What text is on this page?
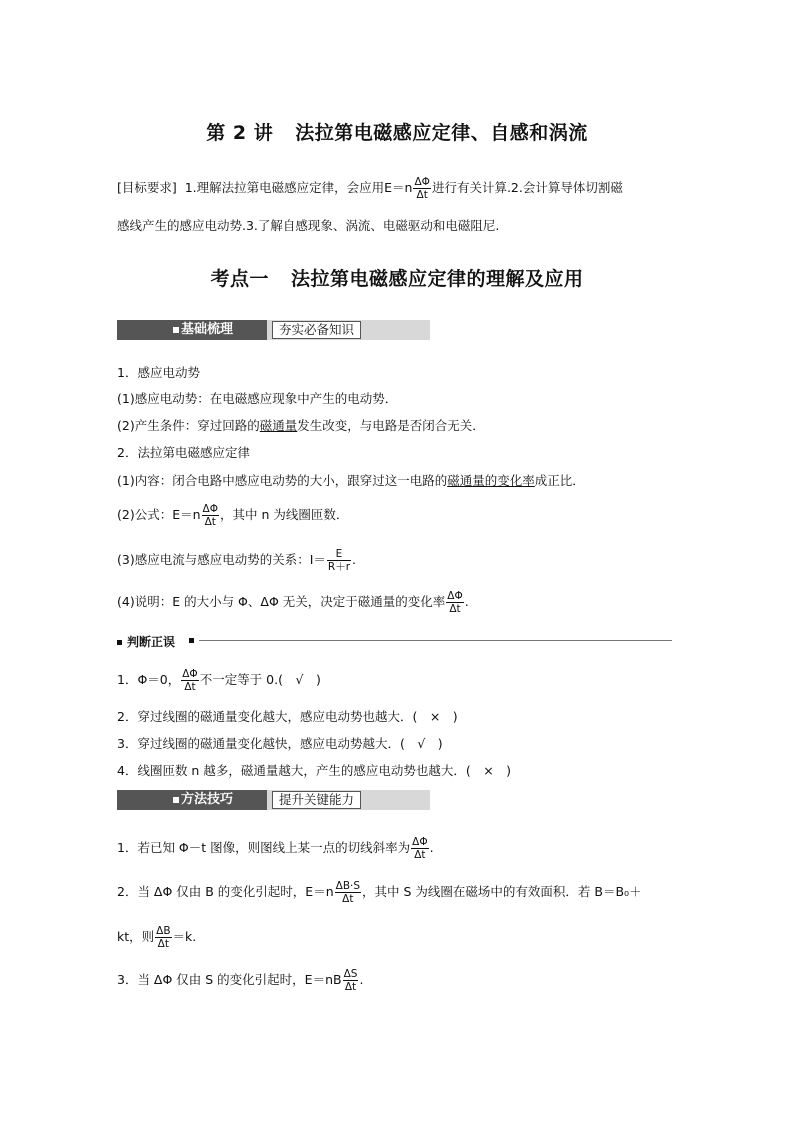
第 2 讲 法拉第电磁感应定律、自感和涡流
[目标要求] 1.理解法拉第电磁感应定律，会应用$E=n \frac{\Delta\Phi}{\Delta t}$ 进行有关计算.2.会计算导体切割磁
感线产生的感应电动势.3.了解自感现象、涡流、电磁驱动和电磁阻尼.
考点一 法拉第电磁感应定律的理解及应用
基础梳理	夯实必备知识
1．感应电动势
(1)感应电动势：在电磁感应现象中产生的电动势．
(2)产生条件：穿过回路的磁通量发生改变，与电路是否闭合无关．
2．法拉第电磁感应定律
(1)内容：闭合电路中感应电动势的大小，跟穿过这一电路的磁通量的变化率成正比．
(2)公式：$E=n \frac{\Delta\Phi}{\Delta t}$ ，其中 n 为线圈匝数．
(3)感应电流与感应电动势的关系：$I= \frac{E}{R+r}$ .
(4)说明：E 的大小与 Φ、ΔΦ 无关，决定于磁通量的变化率 $\frac{\Delta\Phi}{\Delta t}$ .
判断正误
1．Φ＝0， $\frac{\Delta\Phi}{\Delta t}$ 不一定等于 0.(　√　)
2．穿过线圈的磁通量变化越大，感应电动势也越大．(　×　)
3．穿过线圈的磁通量变化越快，感应电动势越大．(　√　)
4．线圈匝数 n 越多，磁通量越大，产生的感应电动势也越大．(　×　)
方法技巧	提升关键能力
1．若已知 Φ－t 图像，则图线上某一点的切线斜率为 $\frac{\Delta\Phi}{\Delta t}$ .
2．当 ΔΦ 仅由 B 的变化引起时，$E=n \frac{\Delta B\cdot S}{\Delta t}$ ，其中 S 为线圈在磁场中的有效面积．若 B＝B₀＋
kt，则 $\frac{\Delta B}{\Delta t} =k$.
3．当 ΔΦ 仅由 S 的变化引起时，$E=nB \frac{\Delta S}{\Delta t}$ .
